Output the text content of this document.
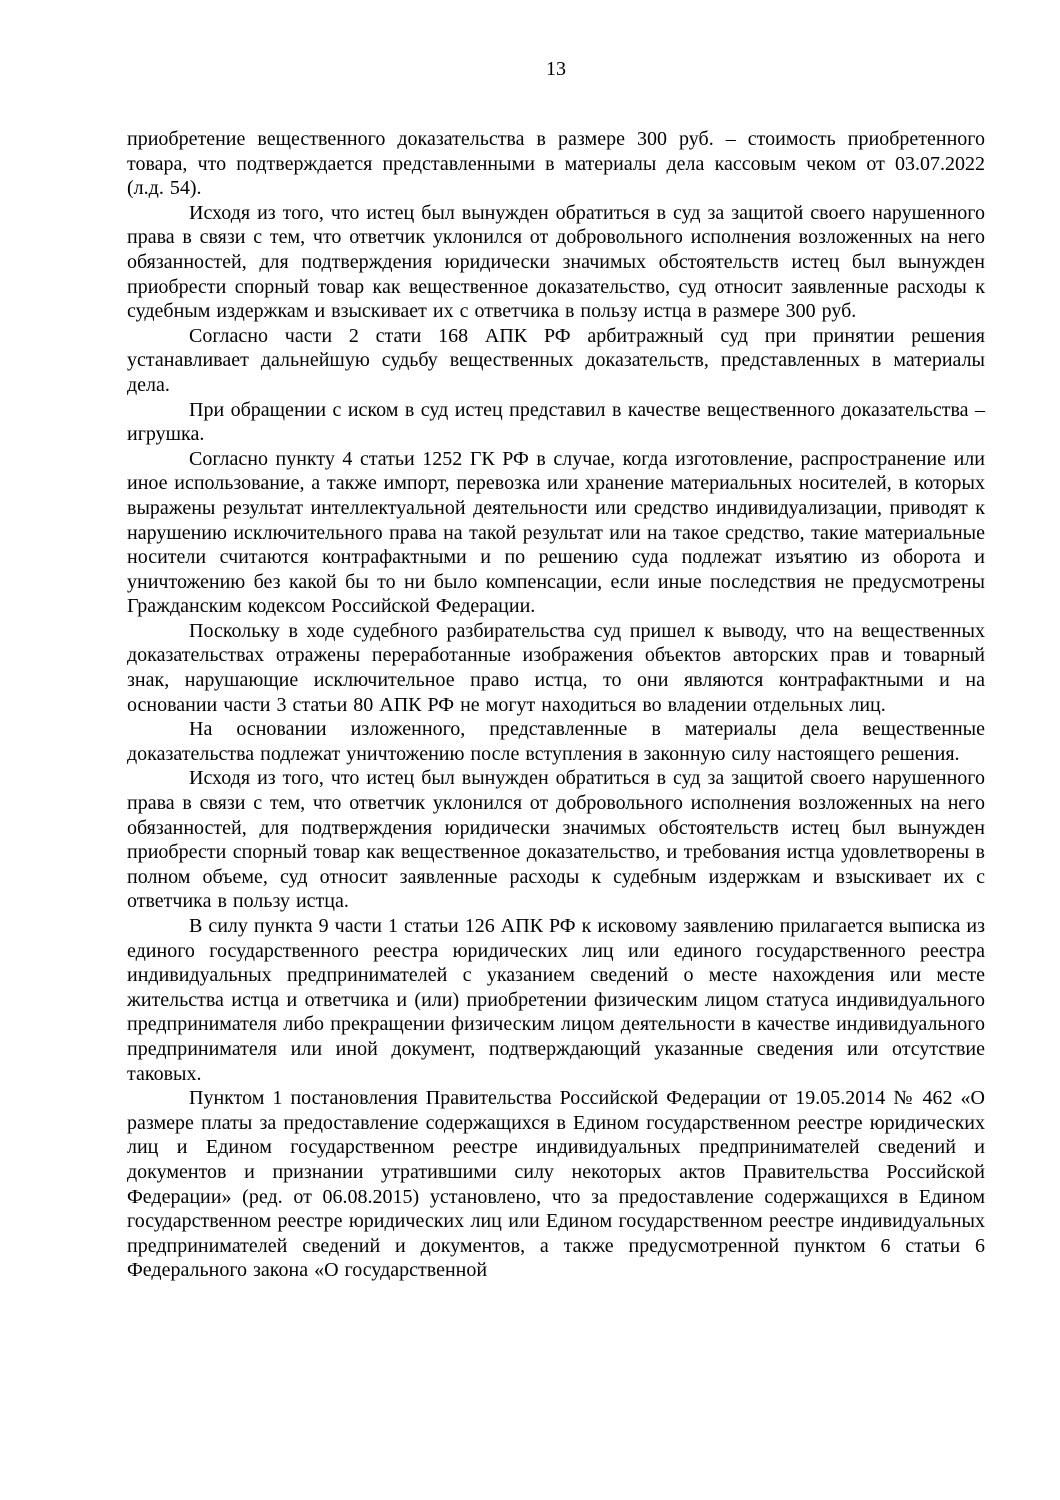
13

приобретение вещественного доказательства в размере 300 руб. – стоимость приобретенного товара, что подтверждается представленными в материалы дела кассовым чеком от 03.07.2022 (л.д. 54).

Исходя из того, что истец был вынужден обратиться в суд за защитой своего нарушенного права в связи с тем, что ответчик уклонился от добровольного исполнения возложенных на него обязанностей, для подтверждения юридически значимых обстоятельств истец был вынужден приобрести спорный товар как вещественное доказательство, суд относит заявленные расходы к судебным издержкам и взыскивает их с ответчика в пользу истца в размере 300 руб.

Согласно части 2 стати 168 АПК РФ арбитражный суд при принятии решения устанавливает дальнейшую судьбу вещественных доказательств, представленных в материалы дела.

При обращении с иском в суд истец представил в качестве вещественного доказательства – игрушка.

Согласно пункту 4 статьи 1252 ГК РФ в случае, когда изготовление, распространение или иное использование, а также импорт, перевозка или хранение материальных носителей, в которых выражены результат интеллектуальной деятельности или средство индивидуализации, приводят к нарушению исключительного права на такой результат или на такое средство, такие материальные носители считаются контрафактными и по решению суда подлежат изъятию из оборота и уничтожению без какой бы то ни было компенсации, если иные последствия не предусмотрены Гражданским кодексом Российской Федерации.

Поскольку в ходе судебного разбирательства суд пришел к выводу, что на вещественных доказательствах отражены переработанные изображения объектов авторских прав и товарный знак, нарушающие исключительное право истца, то они являются контрафактными и на основании части 3 статьи 80 АПК РФ не могут находиться во владении отдельных лиц.

На основании изложенного, представленные в материалы дела вещественные доказательства подлежат уничтожению после вступления в законную силу настоящего решения.

Исходя из того, что истец был вынужден обратиться в суд за защитой своего нарушенного права в связи с тем, что ответчик уклонился от добровольного исполнения возложенных на него обязанностей, для подтверждения юридически значимых обстоятельств истец был вынужден приобрести спорный товар как вещественное доказательство, и требования истца удовлетворены в полном объеме, суд относит заявленные расходы к судебным издержкам и взыскивает их с ответчика в пользу истца.

В силу пункта 9 части 1 статьи 126 АПК РФ к исковому заявлению прилагается выписка из единого государственного реестра юридических лиц или единого государственного реестра индивидуальных предпринимателей с указанием сведений о месте нахождения или месте жительства истца и ответчика и (или) приобретении физическим лицом статуса индивидуального предпринимателя либо прекращении физическим лицом деятельности в качестве индивидуального предпринимателя или иной документ, подтверждающий указанные сведения или отсутствие таковых.

Пунктом 1 постановления Правительства Российской Федерации от 19.05.2014 № 462 «О размере платы за предоставление содержащихся в Едином государственном реестре юридических лиц и Едином государственном реестре индивидуальных предпринимателей сведений и документов и признании утратившими силу некоторых актов Правительства Российской Федерации» (ред. от 06.08.2015) установлено, что за предоставление содержащихся в Едином государственном реестре юридических лиц или Едином государственном реестре индивидуальных предпринимателей сведений и документов, а также предусмотренной пунктом 6 статьи 6 Федерального закона «О государственной
